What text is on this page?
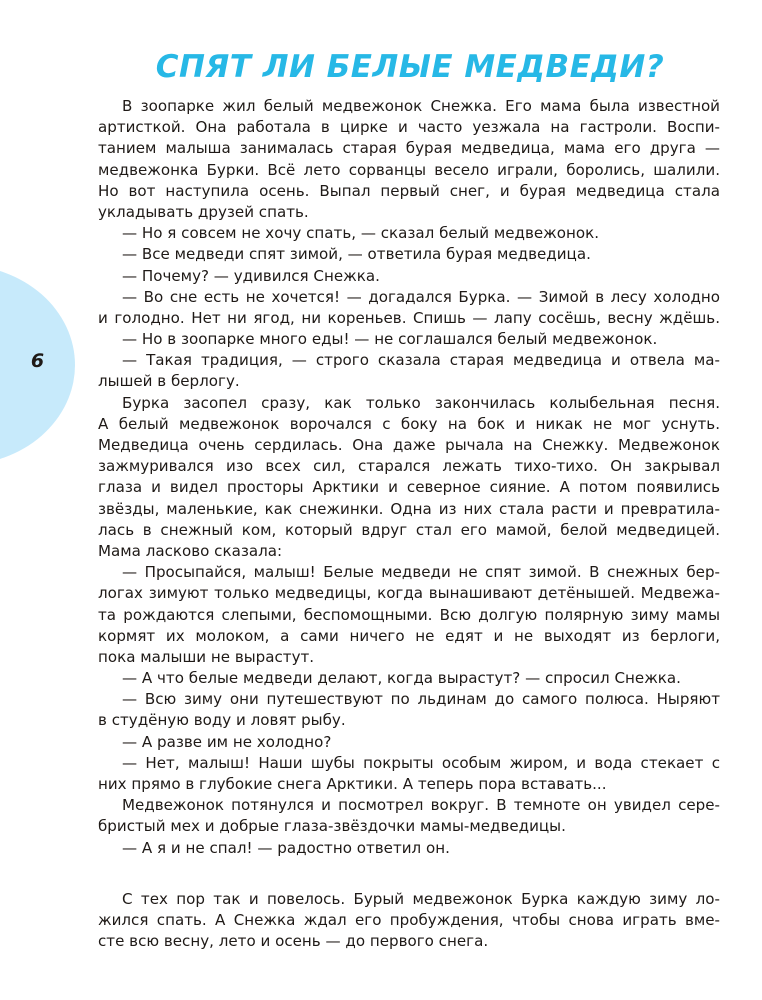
6
СПЯТ ЛИ БЕЛЫЕ МЕДВЕДИ?
В зоопарке жил белый медвежонок Снежка. Его мама была известной
артисткой. Она работала в цирке и часто уезжала на гастроли. Воспи-
танием малыша занималась старая бурая медведица, мама его друга —
медвежонка Бурки. Всё лето сорванцы весело играли, боролись, шалили.
Но вот наступила осень. Выпал первый снег, и бурая медведица стала
укладывать друзей спать.
— Но я совсем не хочу спать, — сказал белый медвежонок.
— Все медведи спят зимой, — ответила бурая медведица.
— Почему? — удивился Снежка.
— Во сне есть не хочется! — догадался Бурка. — Зимой в лесу холодно
и голодно. Нет ни ягод, ни кореньев. Спишь — лапу сосёшь, весну ждёшь.
— Но в зоопарке много еды! — не соглашался белый медвежонок.
— Такая традиция, — строго сказала старая медведица и отвела ма-
лышей в берлогу.
Бурка засопел сразу, как только закончилась колыбельная песня.
А белый медвежонок ворочался с боку на бок и никак не мог уснуть.
Медведица очень сердилась. Она даже рычала на Снежку. Медвежонок
зажмуривался изо всех сил, старался лежать тихо-тихо. Он закрывал
глаза и видел просторы Арктики и северное сияние. А потом появились
звёзды, маленькие, как снежинки. Одна из них стала расти и превратила-
лась в снежный ком, который вдруг стал его мамой, белой медведицей.
Мама ласково сказала:
— Просыпайся, малыш! Белые медведи не спят зимой. В снежных бер-
логах зимуют только медведицы, когда вынашивают детёнышей. Медвежа-
та рождаются слепыми, беспомощными. Всю долгую полярную зиму мамы
кормят их молоком, а сами ничего не едят и не выходят из берлоги,
пока малыши не вырастут.
— А что белые медведи делают, когда вырастут? — спросил Снежка.
— Всю зиму они путешествуют по льдинам до самого полюса. Ныряют
в студёную воду и ловят рыбу.
— А разве им не холодно?
— Нет, малыш! Наши шубы покрыты особым жиром, и вода стекает с
них прямо в глубокие снега Арктики. А теперь пора вставать...
Медвежонок потянулся и посмотрел вокруг. В темноте он увидел сере-
бристый мех и добрые глаза-звёздочки мамы-медведицы.
— А я и не спал! — радостно ответил он.
С тех пор так и повелось. Бурый медвежонок Бурка каждую зиму ло-
жился спать. А Снежка ждал его пробуждения, чтобы снова играть вме-
сте всю весну, лето и осень — до первого снега.
